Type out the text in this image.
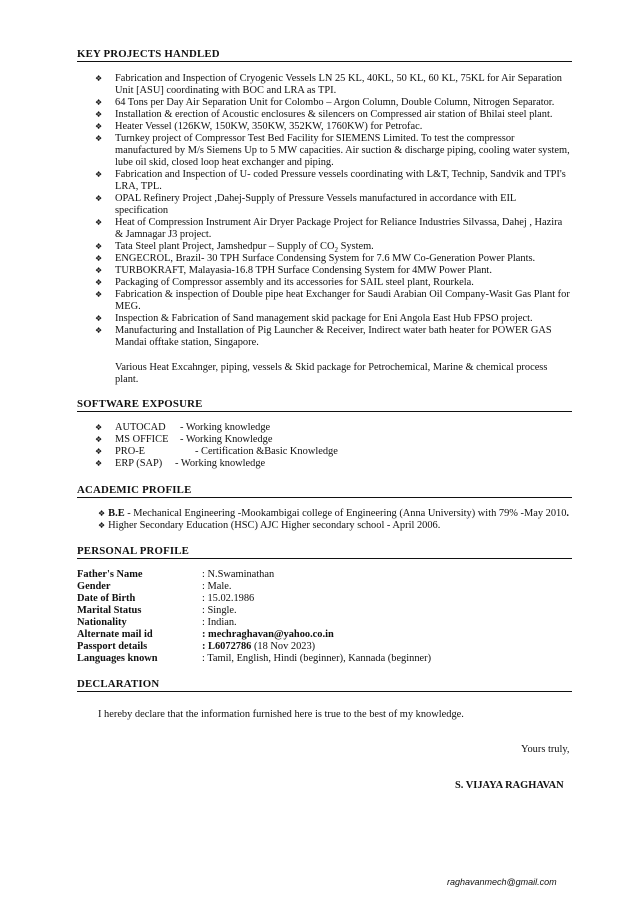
KEY PROJECTS HANDLED
❖ Fabrication and Inspection of Cryogenic Vessels LN 25 KL, 40KL, 50 KL, 60 KL, 75KL for Air Separation Unit [ASU] coordinating with BOC and LRA as TPI.
❖ 64 Tons per Day Air Separation Unit for Colombo – Argon Column, Double Column, Nitrogen Separator.
❖ Installation & erection of Acoustic enclosures & silencers on Compressed air station of Bhilai steel plant.
❖ Heater Vessel (126KW, 150KW, 350KW, 352KW, 1760KW) for Petrofac.
❖ Turnkey project of Compressor Test Bed Facility for SIEMENS Limited. To test the compressor manufactured by M/s Siemens Up to 5 MW capacities. Air suction & discharge piping, cooling water system, lube oil skid, closed loop heat exchanger and piping.
❖ Fabrication and Inspection of U- coded Pressure vessels coordinating with L&T, Technip, Sandvik and TPI's LRA, TPL.
❖ OPAL Refinery Project ,Dahej-Supply of Pressure Vessels manufactured in accordance with EIL specification
❖ Heat of Compression Instrument Air Dryer Package Project for Reliance Industries Silvassa, Dahej , Hazira & Jamnagar J3 project.
❖ Tata Steel plant Project, Jamshedpur – Supply of $CO_2$ System.
❖ ENGECROL, Brazil- 30 TPH Surface Condensing System for 7.6 MW Co-Generation Power Plants.
❖ TURBOKRAFT, Malayasia-16.8 TPH Surface Condensing System for 4MW Power Plant.
❖ Packaging of Compressor assembly and its accessories for SAIL steel plant, Rourkela.
❖ Fabrication & inspection of Double pipe heat Exchanger for Saudi Arabian Oil Company-Wasit Gas Plant for MEG.
❖ Inspection & Fabrication of Sand management skid package for Eni Angola East Hub FPSO project.
❖ Manufacturing and Installation of Pig Launcher & Receiver, Indirect water bath heater for POWER GAS Mandai offtake station, Singapore.
Various Heat Excahnger, piping, vessels & Skid package for Petrochemical, Marine & chemical process plant.
SOFTWARE EXPOSURE
❖ AUTOCAD - Working knowledge
❖ MS OFFICE - Working Knowledge
❖ PRO-E	- Certification &Basic Knowledge
❖ ERP (SAP) - Working knowledge
ACADEMIC PROFILE
❖ B.E - Mechanical Engineering -Mookambigai college of Engineering (Anna University) with 79% -May 2010.
❖ Higher Secondary Education (HSC) AJC Higher secondary school - April 2006.
PERSONAL PROFILE
Father's Name	: N.Swaminathan
Gender	: Male.
Date of Birth	: 15.02.1986
Marital Status	: Single.
Nationality	: Indian.
Alternate mail id	: mechraghavan@yahoo.co.in
Passport details	: L6072786 (18 Nov 2023)
Languages known	: Tamil, English, Hindi (beginner), Kannada (beginner)
DECLARATION
I hereby declare that the information furnished here is true to the best of my knowledge.
Yours truly,
S. VIJAYA RAGHAVAN
raghavanmech@gmail.com
